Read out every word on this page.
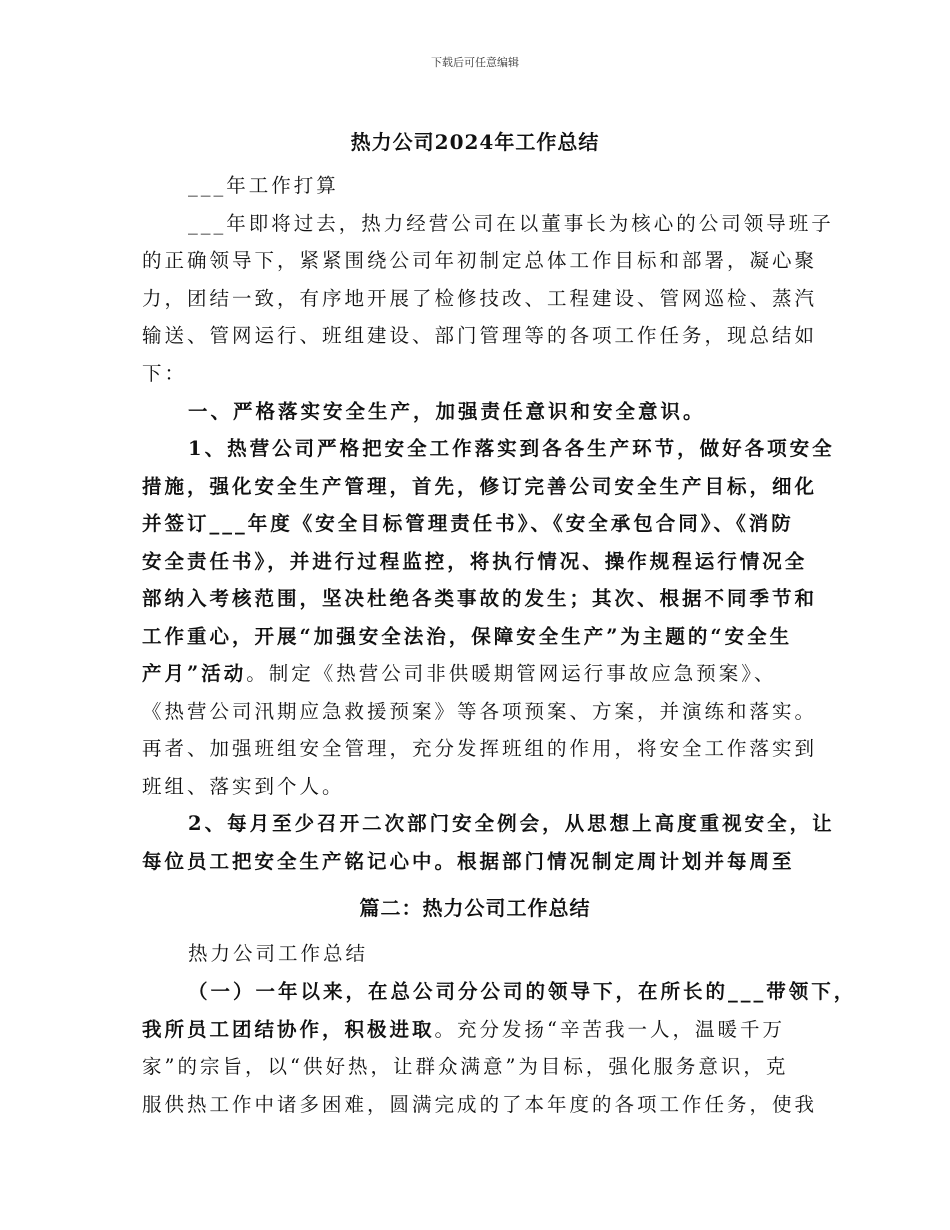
下载后可任意编辑
热力公司2024年工作总结
___年工作打算
___年即将过去，热力经营公司在以董事长为核心的公司领导班子
的正确领导下，紧紧围绕公司年初制定总体工作目标和部署，凝心聚
力，团结一致，有序地开展了检修技改、工程建设、管网巡检、蒸汽
输送、管网运行、班组建设、部门管理等的各项工作任务，现总结如
下：
一、严格落实安全生产，加强责任意识和安全意识。
1、热营公司严格把安全工作落实到各各生产环节，做好各项安全
措施，强化安全生产管理，首先，修订完善公司安全生产目标，细化
并签订___年度《安全目标管理责任书》、《安全承包合同》、《消防
安全责任书》，并进行过程监控，将执行情况、操作规程运行情况全
部纳入考核范围，坚决杜绝各类事故的发生；其次、根据不同季节和
工作重心，开展“加强安全法治，保障安全生产”为主题的“安全生
产月”活动。制定《热营公司非供暖期管网运行事故应急预案》、
《热营公司汛期应急救援预案》等各项预案、方案，并演练和落实。
再者、加强班组安全管理，充分发挥班组的作用，将安全工作落实到
班组、落实到个人。
2、每月至少召开二次部门安全例会，从思想上高度重视安全，让
每位员工把安全生产铭记心中。根据部门情况制定周计划并每周至
热力公司工作总结
（一）一年以来，在总公司分公司的领导下，在所长的___带领下，
我所员工团结协作，积极进取。充分发扬“辛苦我一人，温暖千万
家”的宗旨，以“供好热，让群众满意”为目标，强化服务意识，克
服供热工作中诸多困难，圆满完成的了本年度的各项工作任务，使我
篇二：热力公司工作总结
